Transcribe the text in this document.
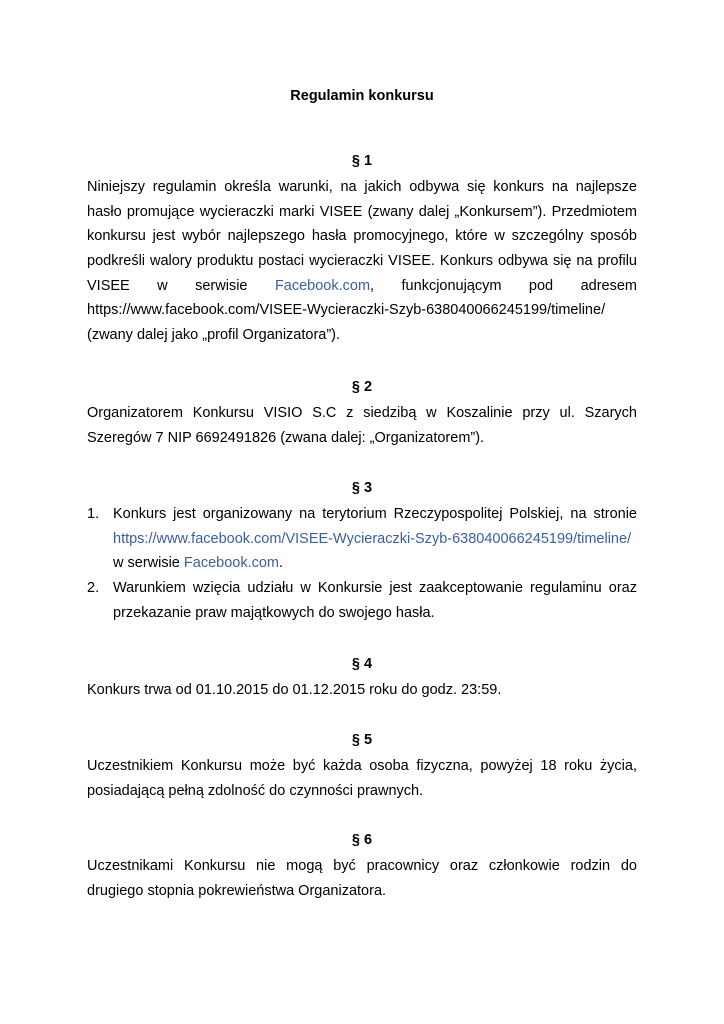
Regulamin konkursu
§ 1
Niniejszy regulamin określa warunki, na jakich odbywa się konkurs na najlepsze
hasło promujące wycieraczki marki VISEE (zwany dalej „Konkursem”). Przedmiotem
konkursu jest wybór najlepszego hasła promocyjnego, które w szczególny sposób
podkreśli walory produktu postaci wycieraczki VISEE. Konkurs odbywa się na profilu
VISEE w serwisie Facebook.com, funkcjonującym pod adresem
https://www.facebook.com/VISEE-Wycieraczki-Szyb-638040066245199/timeline/
(zwany dalej jako „profil Organizatora”).
§ 2
Organizatorem Konkursu VISIO S.C z siedzibą w Koszalinie przy ul. Szarych
Szeregów 7 NIP 6692491826 (zwana dalej: „Organizatorem”).
§ 3
1. Konkurs jest organizowany na terytorium Rzeczypospolitej Polskiej, na stronie
https://www.facebook.com/VISEE-Wycieraczki-Szyb-638040066245199/timeline/
w serwisie Facebook.com.
2. Warunkiem wzięcia udziału w Konkursie jest zaakceptowanie regulaminu oraz
przekazanie praw majątkowych do swojego hasła.
§ 4
Konkurs trwa od 01.10.2015 do 01.12.2015 roku do godz. 23:59.
§ 5
Uczestnikiem Konkursu może być każda osoba fizyczna, powyżej 18 roku życia,
posiadającą pełną zdolność do czynności prawnych.
§ 6
Uczestnikami Konkursu nie mogą być pracownicy oraz członkowie rodzin do
drugiego stopnia pokrewieństwa Organizatora.
